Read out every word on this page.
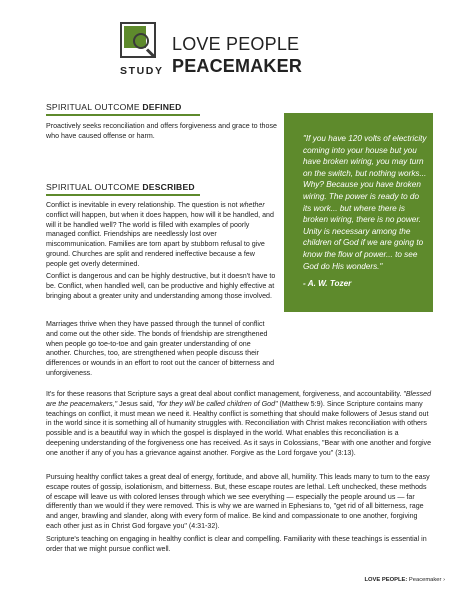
STUDY
LOVE PEOPLE
PEACEMAKER
SPIRITUAL OUTCOME DEFINED
Proactively seeks reconciliation and offers forgiveness and grace to those who have caused offense or harm.
SPIRITUAL OUTCOME DESCRIBED
Conflict is inevitable in every relationship. The question is not whether conflict will happen, but when it does happen, how will it be handled, and will it be handled well? The world is filled with examples of poorly managed conflict. Friendships are needlessly lost over miscommunication. Families are torn apart by stubborn refusal to give ground. Churches are split and rendered ineffective because a few people get overly determined.
Conflict is dangerous and can be highly destructive, but it doesn't have to be. Conflict, when handled well, can be productive and highly effective at bringing about a greater unity and understanding among those involved.
Marriages thrive when they have passed through the tunnel of conflict and come out the other side. The bonds of friendship are strengthened when people go toe-to-toe and gain greater understanding of one another. Churches, too, are strengthened when people discuss their differences or wounds in an effort to root out the cancer of bitterness and unforgiveness.
"If you have 120 volts of electricity coming into your house but you have broken wiring, you may turn on the switch, but nothing works... Why? Because you have broken wiring. The power is ready to do its work... but where there is broken wiring, there is no power. Unity is necessary among the children of God if we are going to know the flow of power... to see God do His wonders."
- A. W. Tozer
It's for these reasons that Scripture says a great deal about conflict management, forgiveness, and accountability. "Blessed are the peacemakers," Jesus said, "for they will be called children of God" (Matthew 5:9). Since Scripture contains many teachings on conflict, it must mean we need it. Healthy conflict is something that should make followers of Jesus stand out in the world since it is something all of humanity struggles with. Reconciliation with Christ makes reconciliation with others possible and is a beautiful way in which the gospel is displayed in the world. What enables this reconciliation is a deepening understanding of the forgiveness one has received. As it says in Colossians, "Bear with one another and forgive one another if any of you has a grievance against another. Forgive as the Lord forgave you" (3:13).
Pursuing healthy conflict takes a great deal of energy, fortitude, and above all, humility. This leads many to turn to the easy escape routes of gossip, isolationism, and bitterness. But, these escape routes are lethal. Left unchecked, these methods of escape will leave us with colored lenses through which we see everything — especially the people around us — far differently than we would if they were removed. This is why we are warned in Ephesians to, "get rid of all bitterness, rage and anger, brawling and slander, along with every form of malice. Be kind and compassionate to one another, forgiving each other just as in Christ God forgave you" (4:31-32).
Scripture's teaching on engaging in healthy conflict is clear and compelling. Familiarity with these teachings is essential in order that we might pursue conflict well.
LOVE PEOPLE: Peacemaker ›
